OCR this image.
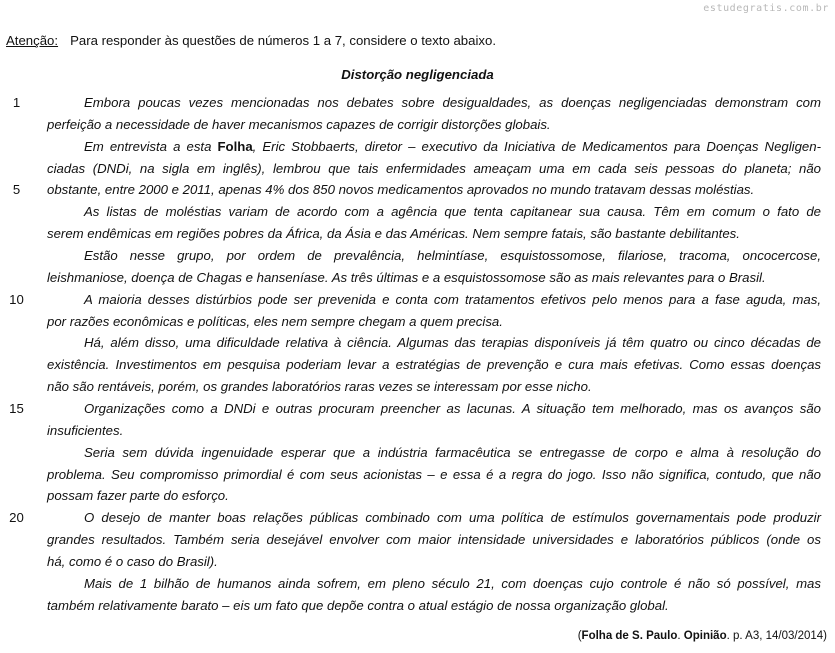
estudegratis.com.br
Atenção: Para responder às questões de números 1 a 7, considere o texto abaixo.
Distorção negligenciada
1	Embora poucas vezes mencionadas nos debates sobre desigualdades, as doenças negligenciadas demonstram com
perfeição a necessidade de haver mecanismos capazes de corrigir distorções globais.
Em entrevista a esta Folha, Eric Stobbaerts, diretor – executivo da Iniciativa de Medicamentos para Doenças Negligen-
ciadas (DNDi, na sigla em inglês), lembrou que tais enfermidades ameaçam uma em cada seis pessoas do planeta; não
5	obstante, entre 2000 e 2011, apenas 4% dos 850 novos medicamentos aprovados no mundo tratavam dessas moléstias.
As listas de moléstias variam de acordo com a agência que tenta capitanear sua causa. Têm em comum o fato de
serem endêmicas em regiões pobres da África, da Ásia e das Américas. Nem sempre fatais, são bastante debilitantes.
Estão nesse grupo, por ordem de prevalência, helmintíase, esquistossomose, filariose, tracoma, oncocercose,
leishmaniose, doença de Chagas e hanseníase. As três últimas e a esquistossomose são as mais relevantes para o Brasil.
10	A maioria desses distúrbios pode ser prevenida e conta com tratamentos efetivos pelo menos para a fase aguda, mas,
por razões econômicas e políticas, eles nem sempre chegam a quem precisa.
Há, além disso, uma dificuldade relativa à ciência. Algumas das terapias disponíveis já têm quatro ou cinco décadas de
existência. Investimentos em pesquisa poderiam levar a estratégias de prevenção e cura mais efetivas. Como essas doenças
não são rentáveis, porém, os grandes laboratórios raras vezes se interessam por esse nicho.
15	Organizações como a DNDi e outras procuram preencher as lacunas. A situação tem melhorado, mas os avanços são
insuficientes.
Seria sem dúvida ingenuidade esperar que a indústria farmacêutica se entregasse de corpo e alma à resolução do
problema. Seu compromisso primordial é com seus acionistas – e essa é a regra do jogo. Isso não significa, contudo, que não
possam fazer parte do esforço.
20	O desejo de manter boas relações públicas combinado com uma política de estímulos governamentais pode produzir
grandes resultados. Também seria desejável envolver com maior intensidade universidades e laboratórios públicos (onde os
há, como é o caso do Brasil).
Mais de 1 bilhão de humanos ainda sofrem, em pleno século 21, com doenças cujo controle é não só possível, mas
também relativamente barato – eis um fato que depõe contra o atual estágio de nossa organização global.
(Folha de S. Paulo. Opinião. p. A3, 14/03/2014)
